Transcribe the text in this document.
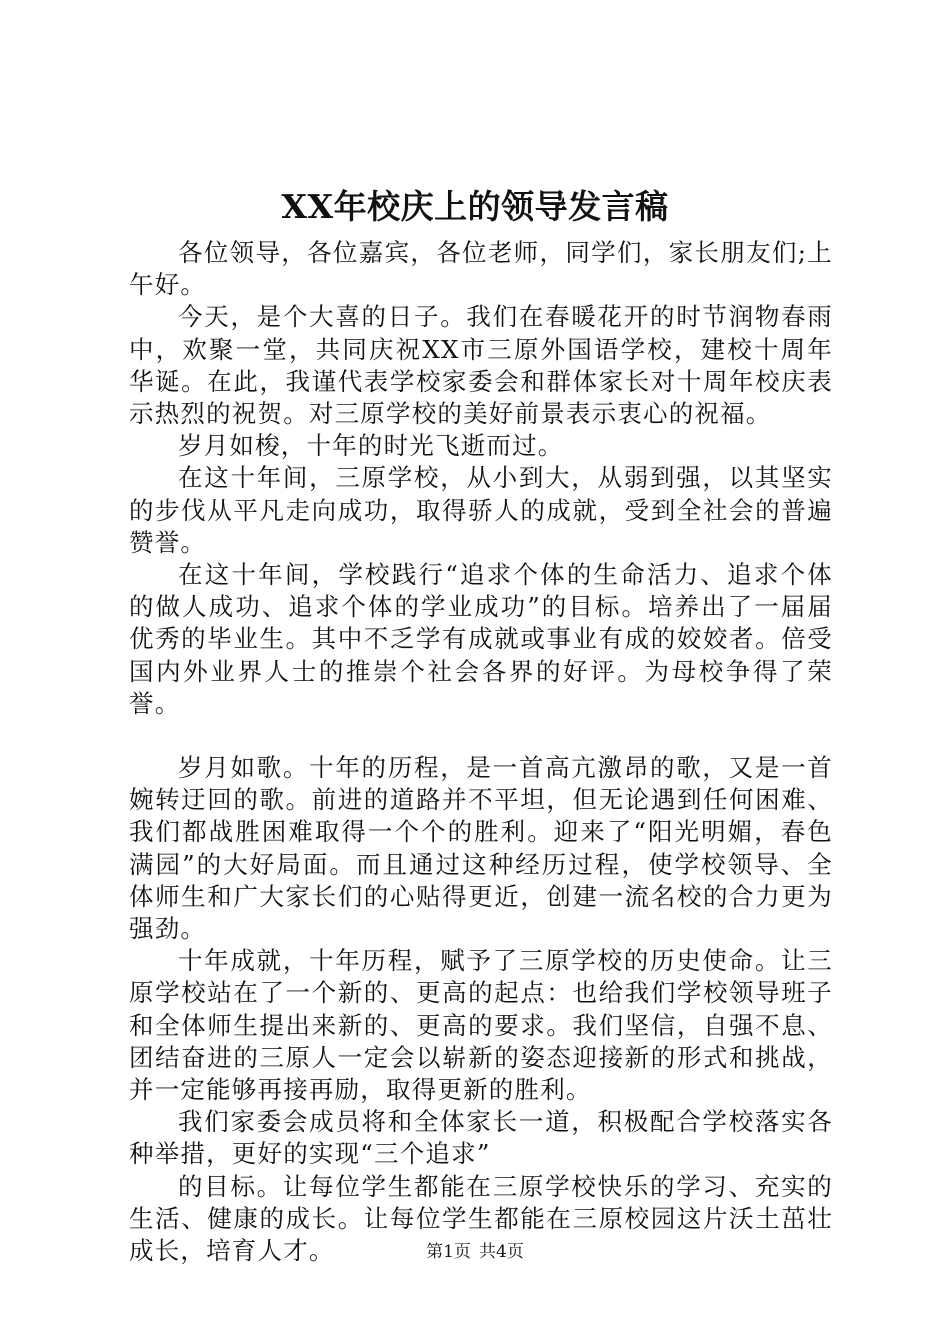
XX年校庆上的领导发言稿

各位领导，各位嘉宾，各位老师，同学们，家长朋友们;上午好。

今天，是个大喜的日子。我们在春暖花开的时节润物春雨中，欢聚一堂，共同庆祝XX市三原外国语学校，建校十周年华诞。在此，我谨代表学校家委会和群体家长对十周年校庆表示热烈的祝贺。对三原学校的美好前景表示衷心的祝福。

岁月如梭，十年的时光飞逝而过。

在这十年间，三原学校，从小到大，从弱到强，以其坚实的步伐从平凡走向成功，取得骄人的成就，受到全社会的普遍赞誉。

在这十年间，学校践行“追求个体的生命活力、追求个体的做人成功、追求个体的学业成功”的目标。培养出了一届届优秀的毕业生。其中不乏学有成就或事业有成的姣姣者。倍受国内外业界人士的推崇个社会各界的好评。为母校争得了荣誉。

岁月如歌。十年的历程，是一首高亢激昂的歌，又是一首婉转迂回的歌。前进的道路并不平坦，但无论遇到任何困难、我们都战胜困难取得一个个的胜利。迎来了“阳光明媚，春色满园”的大好局面。而且通过这种经历过程，使学校领导、全体师生和广大家长们的心贴得更近，创建一流名校的合力更为强劲。

十年成就，十年历程，赋予了三原学校的历史使命。让三原学校站在了一个新的、更高的起点：也给我们学校领导班子和全体师生提出来新的、更高的要求。我们坚信，自强不息、团结奋进的三原人一定会以崭新的姿态迎接新的形式和挑战，并一定能够再接再励，取得更新的胜利。

我们家委会成员将和全体家长一道，积极配合学校落实各种举措，更好的实现“三个追求”

的目标。让每位学生都能在三原学校快乐的学习、充实的生活、健康的成长。让每位学生都能在三原校园这片沃土茁壮成长，培育人才。	第1页 共4页
